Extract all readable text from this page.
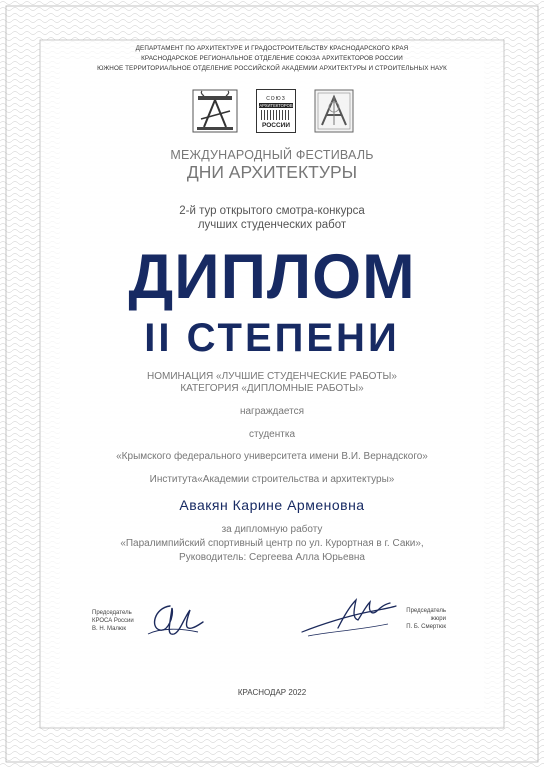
ДЕПАРТАМЕНТ ПО АРХИТЕКТУРЕ И ГРАДОСТРОИТЕЛЬСТВУ КРАСНОДАРСКОГО КРАЯ
КРАСНОДАРСКОЕ РЕГИОНАЛЬНОЕ ОТДЕЛЕНИЕ СОЮЗА АРХИТЕКТОРОВ РОССИИ
ЮЖНОЕ ТЕРРИТОРИАЛЬНОЕ ОТДЕЛЕНИЕ РОССИЙСКОЙ АКАДЕМИИ АРХИТЕКТУРЫ И СТРОИТЕЛЬНЫХ НАУК
СОЮЗ
АРХИТЕКТОРОВ
РОССИИ
МЕЖДУНАРОДНЫЙ ФЕСТИВАЛЬ
ДНИ АРХИТЕКТУРЫ
2-й тур открытого смотра-конкурса
лучших студенческих работ
ДИПЛОМ
II СТЕПЕНИ
НОМИНАЦИЯ «ЛУЧШИЕ СТУДЕНЧЕСКИЕ РАБОТЫ»
КАТЕГОРИЯ «ДИПЛОМНЫЕ РАБОТЫ»
награждается
студентка
«Крымского федерального университета имени В.И. Вернадского»
Института«Академии строительства и архитектуры»
Авакян Карине Арменовна
за дипломную работу
«Паралимпийский спортивный центр по ул. Курортная в г. Саки»,
Руководитель: Сергеева Алла Юрьевна
Председатель
КРОСА России
В. Н. Малюк
Председатель
жюри
П. Б. Смертюк
КРАСНОДАР 2022
